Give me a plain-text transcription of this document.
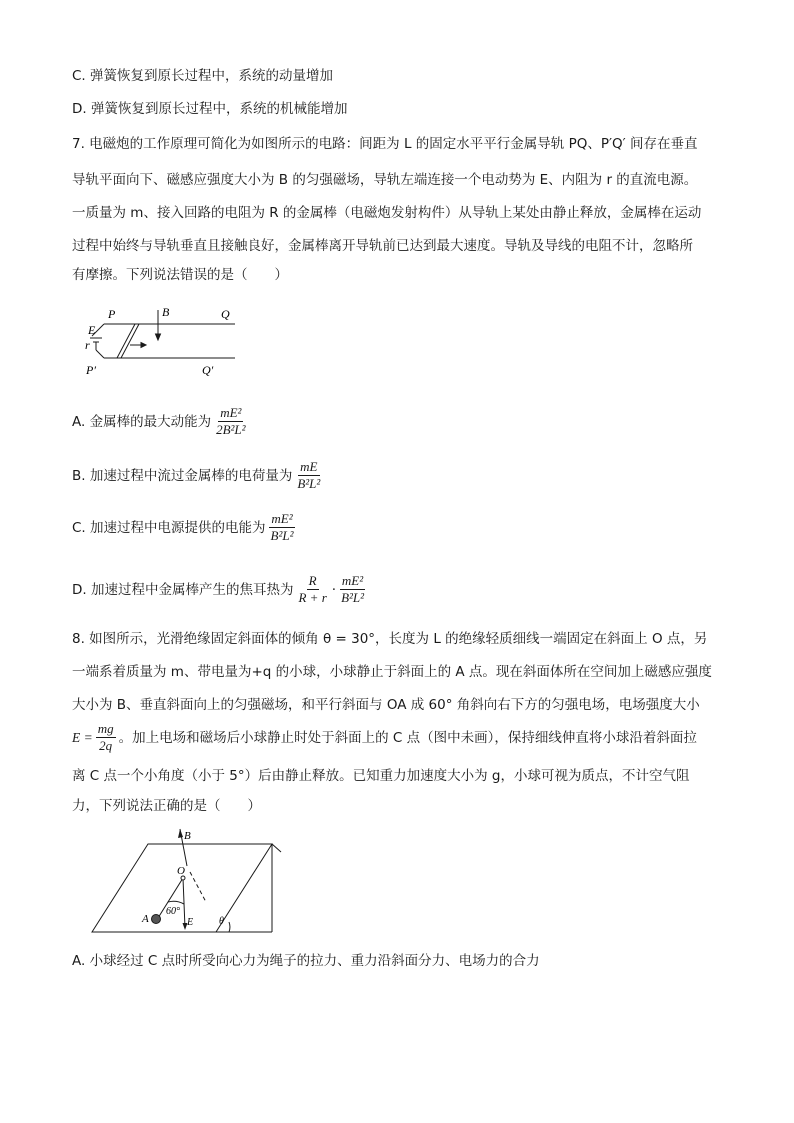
C. 弹簧恢复到原长过程中，系统的动量增加
D. 弹簧恢复到原长过程中，系统的机械能增加
7. 电磁炮的工作原理可简化为如图所示的电路：间距为 L 的固定水平平行金属导轨 PQ、P′Q′ 间存在垂直
导轨平面向下、磁感应强度大小为 B 的匀强磁场，导轨左端连接一个电动势为 E、内阻为 r 的直流电源。
一质量为 m、接入回路的电阻为 R 的金属棒（电磁炮发射构件）从导轨上某处由静止释放，金属棒在运动
过程中始终与导轨垂直且接触良好，金属棒离开导轨前已达到最大速度。导轨及导线的电阻不计，忽略所
有摩擦。下列说法错误的是（　　）
P	Q
P′	Q′
B
E
r
A. 金属棒的最大动能为 $\frac{\text{mE²}}{\text{2B²L²}}$
B. 加速过程中流过金属棒的电荷量为 $\frac{mE}{\text{B²L²}}$
C. 加速过程中电源提供的电能为 $\frac{\text{mE²}}{\text{B²L²}}$
D. 加速过程中金属棒产生的焦耳热为 $\frac{R}{R + r} \cdot \frac{\text{mE²}}{\text{B²L²}}$
8. 如图所示，光滑绝缘固定斜面体的倾角 θ = 30°，长度为 L 的绝缘轻质细线一端固定在斜面上 O 点，另
一端系着质量为 m、带电量为+q 的小球，小球静止于斜面上的 A 点。现在斜面体所在空间加上磁感应强度
大小为 B、垂直斜面向上的匀强磁场，和平行斜面与 OA 成 60° 角斜向右下方的匀强电场，电场强度大小
$E = \frac{mg}{2q}$ 。加上电场和磁场后小球静止时处于斜面上的 C 点（图中未画），保持细线伸直将小球沿着斜面拉
离 C 点一个小角度（小于 5°）后由静止释放。已知重力加速度大小为 g，小球可视为质点，不计空气阻
力，下列说法正确的是（　　）
B
O
A	E
60°
θ
A. 小球经过 C 点时所受向心力为绳子的拉力、重力沿斜面分力、电场力的合力
